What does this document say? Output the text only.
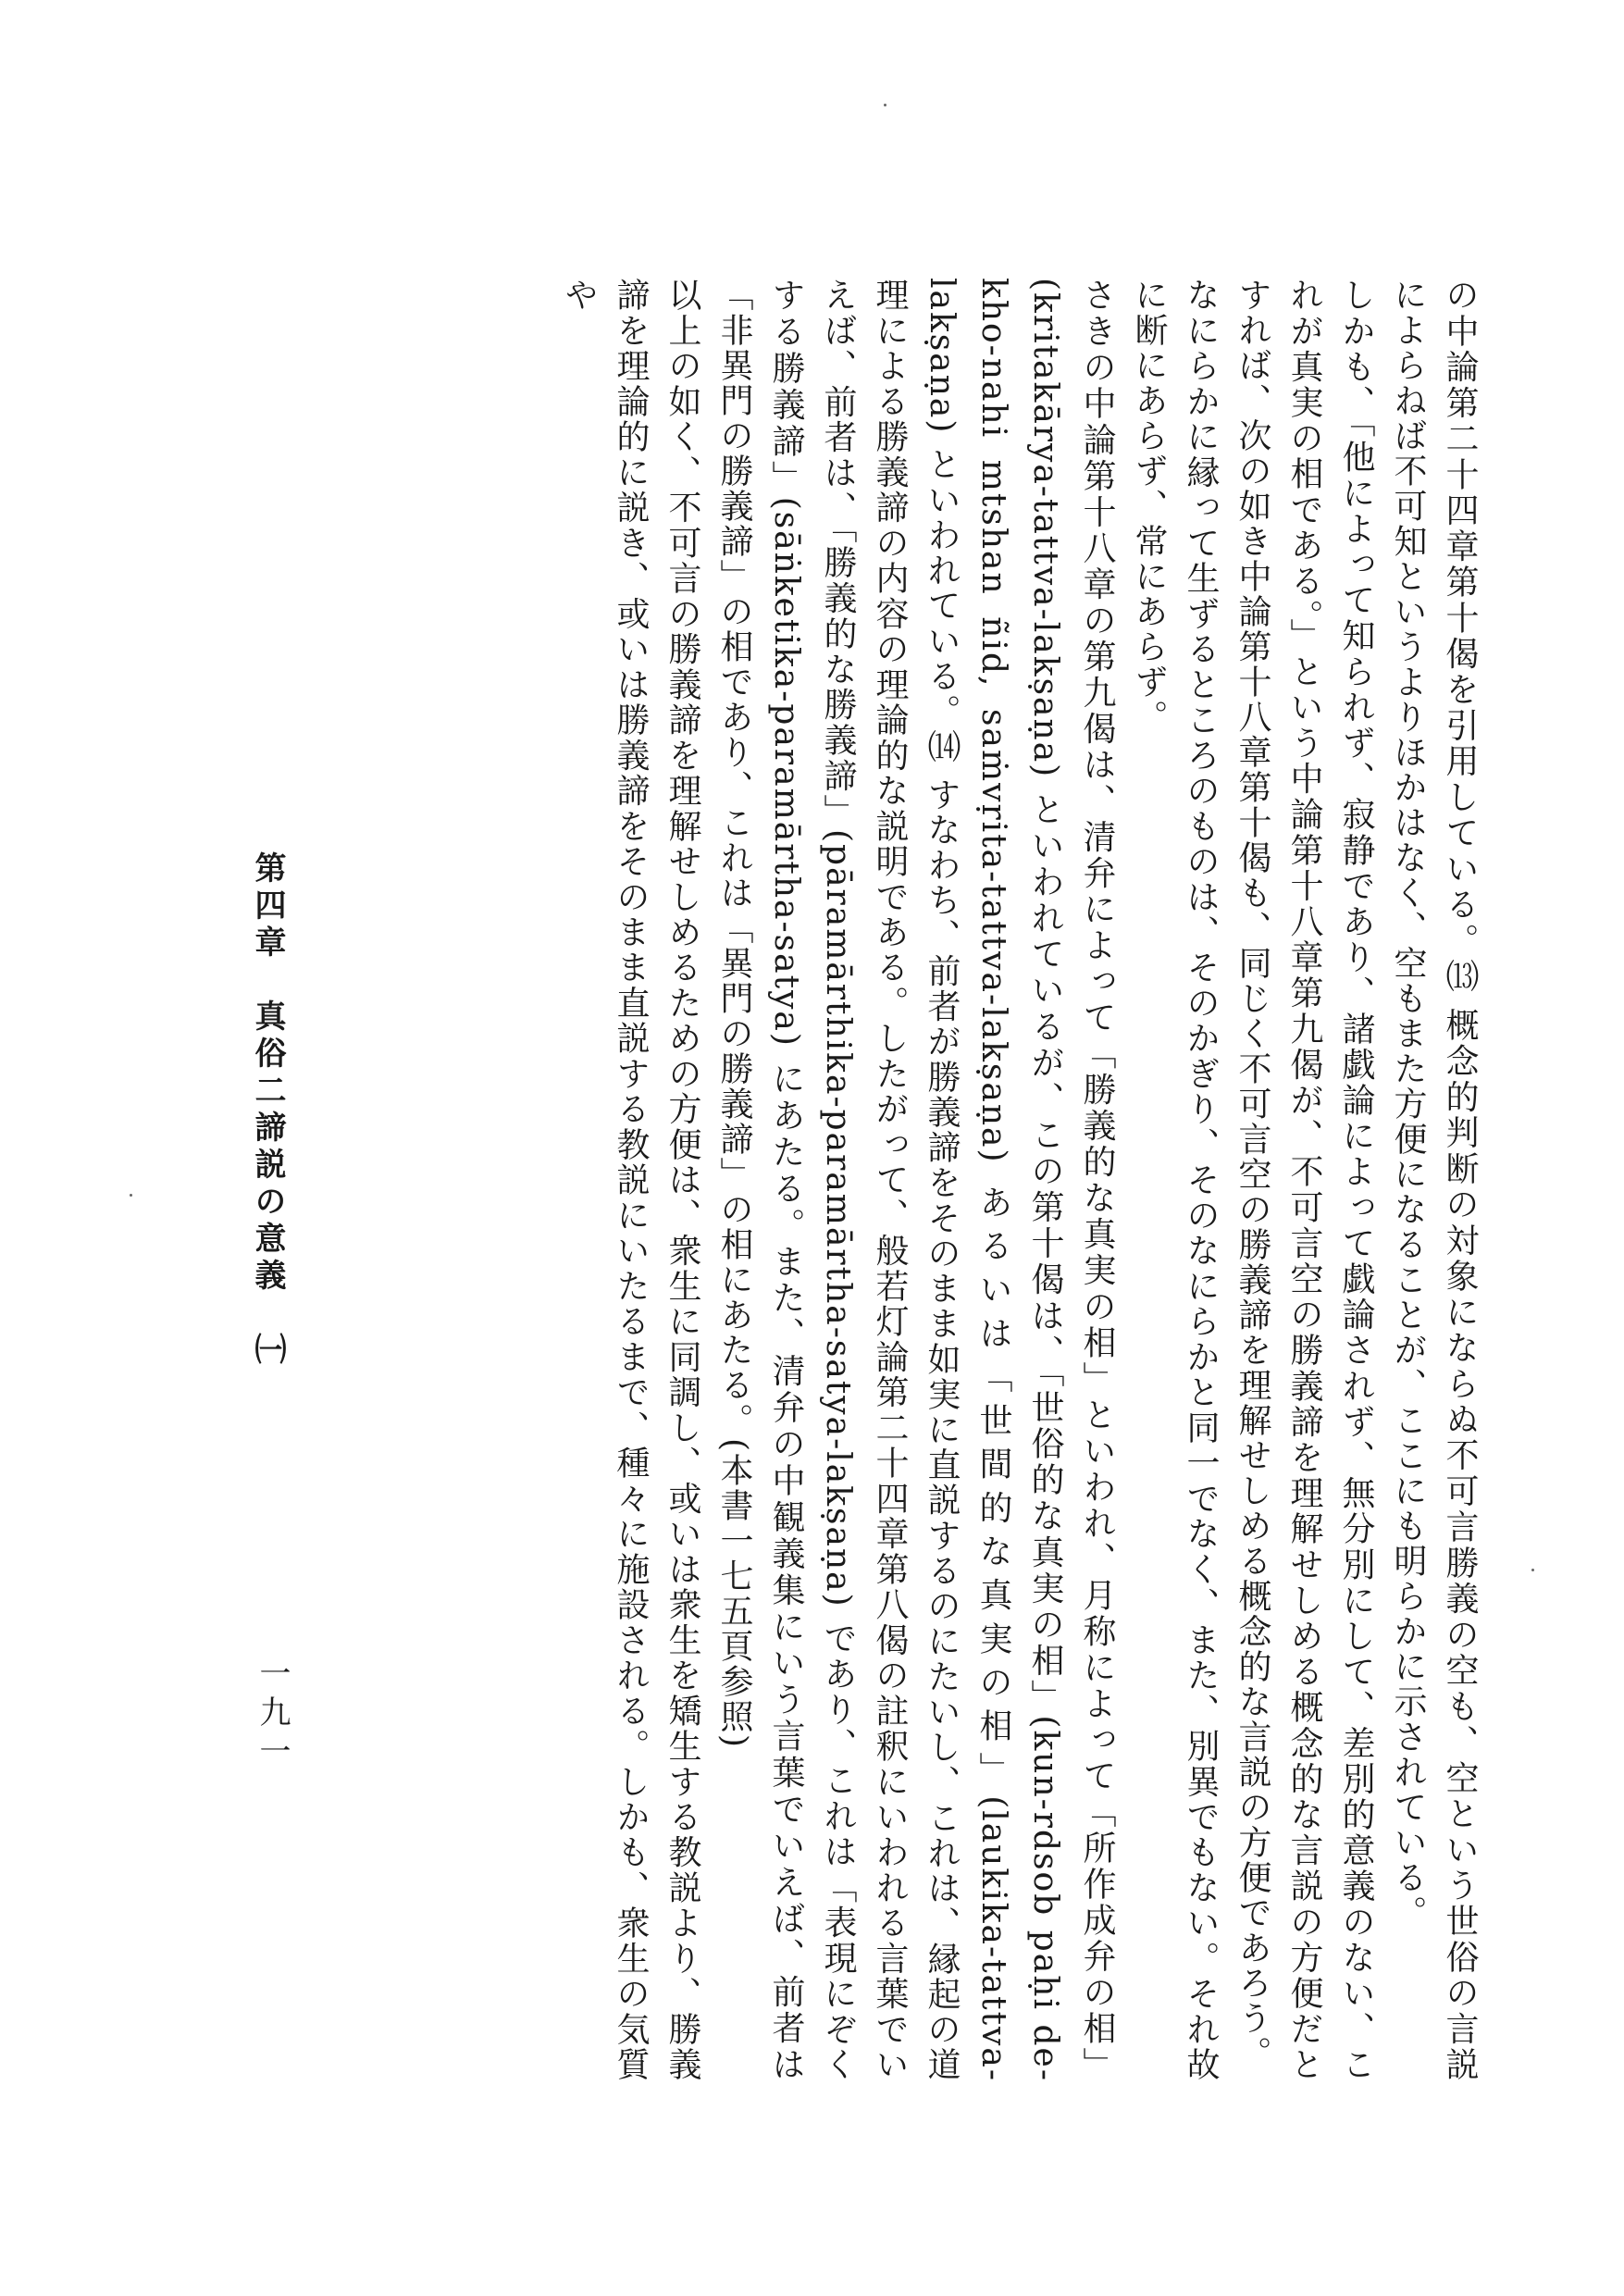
の中論第二十四章第十偈を引用している。⒀ 概念的判断の対象にならぬ不可言勝義の空も、空という世俗の言説によらねば不可知というよりほかはなく、空もまた方便になることが、ここにも明らかに示されている。

しかも、「他によって知られず、寂静であり、諸戯論によって戯論されず、無分別にして、差別的意義のない、これが真実の相である。」という中論第十八章第九偈が、不可言空の勝義諦を理解せしめる概念的な言説の方便だとすれば、次の如き中論第十八章第十偈も、同じく不可言空の勝義諦を理解せしめる概念的な言説の方便であろう。

なにらかに縁って生ずるところのものは、そのかぎり、そのなにらかと同一でなく、また、別異でもない。それ故に断にあらず、常にあらず。

さきの中論第十八章の第九偈は、清弁によって「勝義的な真実の相」といわれ、月称によって「所作成弁の相」(kritakārya-tattva-lakṣaṇa) といわれているが、この第十偈は、「世俗的な真実の相」(kun-rdsob paḥi de-kho-nahi mtshan ñid, saṁvṛita-tattva-lakṣaṇa) あるいは「世間的な真実の相」(laukika-tattva-lakṣaṇa) といわれている。⒁ すなわち、前者が勝義諦をそのまま如実に直説するのにたいし、これは、縁起の道理による勝義諦の内容の理論的な説明である。したがって、般若灯論第二十四章第八偈の註釈にいわれる言葉でいえば、前者は、「勝義的な勝義諦」(pāramārthika-paramārtha-satya-lakṣaṇa) であり、これは「表現にぞくする勝義諦」(sāṅketika-paramārtha-satya) にあたる。また、清弁の中観義集にいう言葉でいえば、前者は「非異門の勝義諦」の相であり、これは「異門の勝義諦」の相にあたる。(本書一七五頁参照)

以上の如く、不可言の勝義諦を理解せしめるための方便は、衆生に同調し、或いは衆生を矯生する教説より、勝義諦を理論的に説き、或いは勝義諦をそのまま直説する教説にいたるまで、種々に施設される。しかも、衆生の気質や

第四章　真俗二諦説の意義　㈠
一九一
